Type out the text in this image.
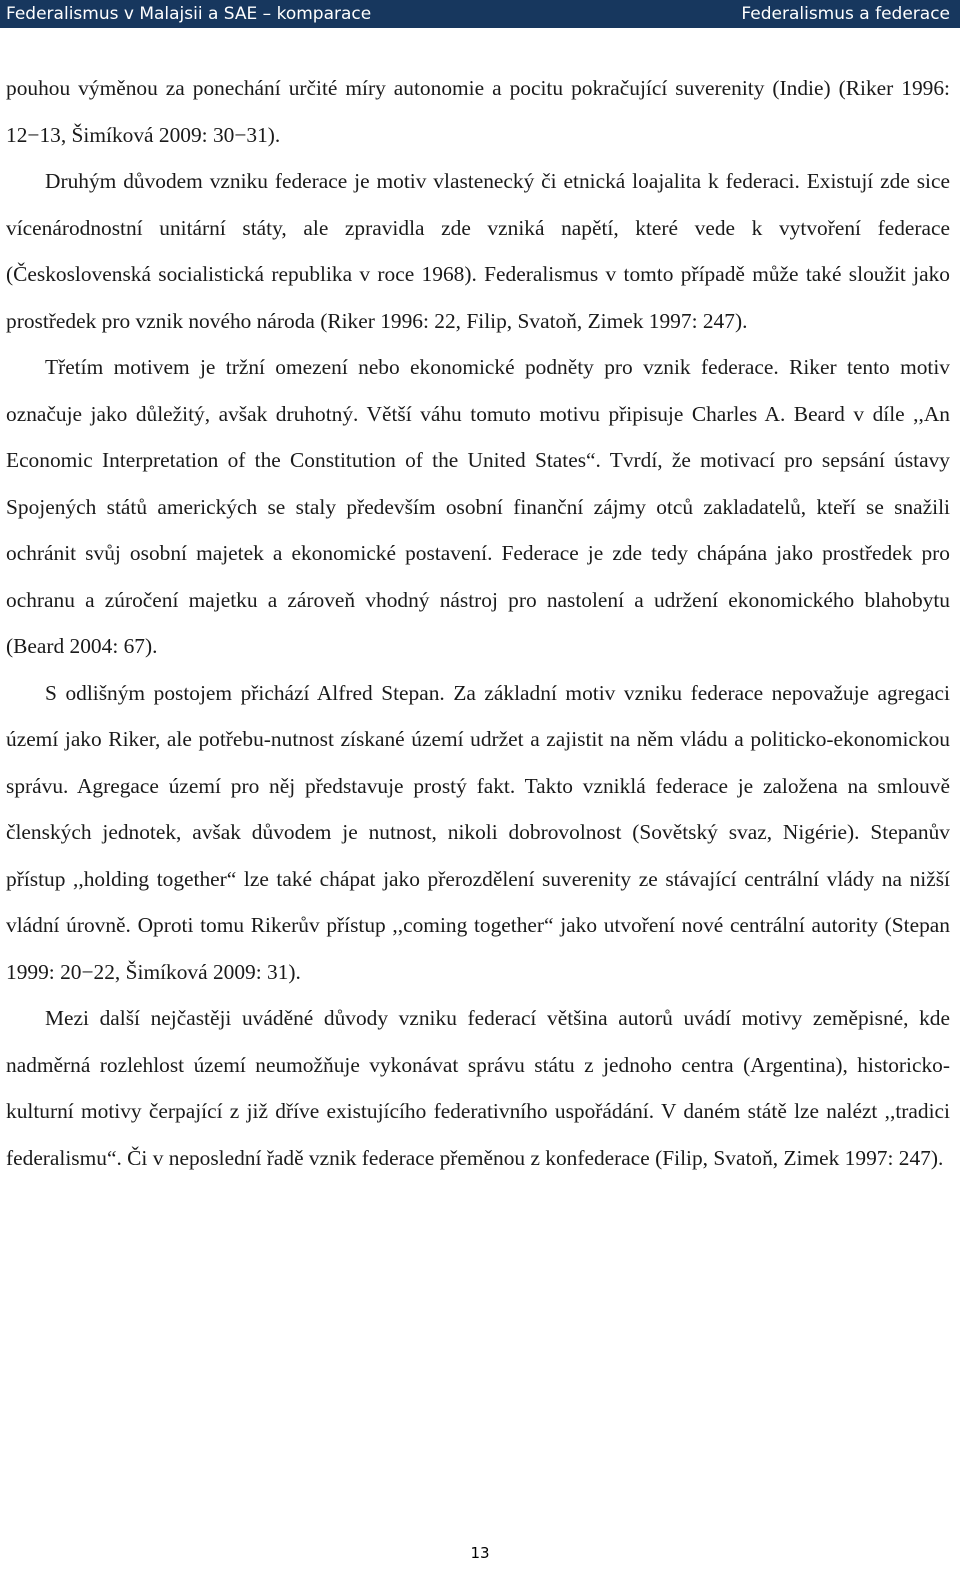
Federalismus v Malajsii a SAE – komparace	Federalismus a federace

pouhou výměnou za ponechání určité míry autonomie a pocitu pokračující suverenity (Indie) (Riker 1996: 12−13, Šimíková 2009: 30−31).

Druhým důvodem vzniku federace je motiv vlastenecký či etnická loajalita k federaci. Existují zde sice vícenárodnostní unitární státy, ale zpravidla zde vzniká napětí, které vede k vytvoření federace (Československá socialistická republika v roce 1968). Federalismus v tomto případě může také sloužit jako prostředek pro vznik nového národa (Riker 1996: 22, Filip, Svatoň, Zimek 1997: 247).

Třetím motivem je tržní omezení nebo ekonomické podněty pro vznik federace. Riker tento motiv označuje jako důležitý, avšak druhotný. Větší váhu tomuto motivu připisuje Charles A. Beard v díle ,,An Economic Interpretation of the Constitution of the United States“. Tvrdí, že motivací pro sepsání ústavy Spojených států amerických se staly především osobní finanční zájmy otců zakladatelů, kteří se snažili ochránit svůj osobní majetek a ekonomické postavení. Federace je zde tedy chápána jako prostředek pro ochranu a zúročení majetku a zároveň vhodný nástroj pro nastolení a udržení ekonomického blahobytu (Beard 2004: 67).

S odlišným postojem přichází Alfred Stepan. Za základní motiv vzniku federace nepovažuje agregaci území jako Riker, ale potřebu-nutnost získané území udržet a zajistit na něm vládu a politicko-ekonomickou správu. Agregace území pro něj představuje prostý fakt. Takto vzniklá federace je založena na smlouvě členských jednotek, avšak důvodem je nutnost, nikoli dobrovolnost (Sovětský svaz, Nigérie). Stepanův přístup ,,holding together“ lze také chápat jako přerozdělení suverenity ze stávající centrální vlády na nižší vládní úrovně. Oproti tomu Rikerův přístup ,,coming together“ jako utvoření nové centrální autority (Stepan 1999: 20−22, Šimíková 2009: 31).

Mezi další nejčastěji uváděné důvody vzniku federací většina autorů uvádí motivy zeměpisné, kde nadměrná rozlehlost území neumožňuje vykonávat správu státu z jednoho centra (Argentina), historicko-kulturní motivy čerpající z již dříve existujícího federativního uspořádání. V daném státě lze nalézt ,,tradici federalismu“. Či v neposlední řadě vznik federace přeměnou z konfederace (Filip, Svatoň, Zimek 1997: 247).

13
